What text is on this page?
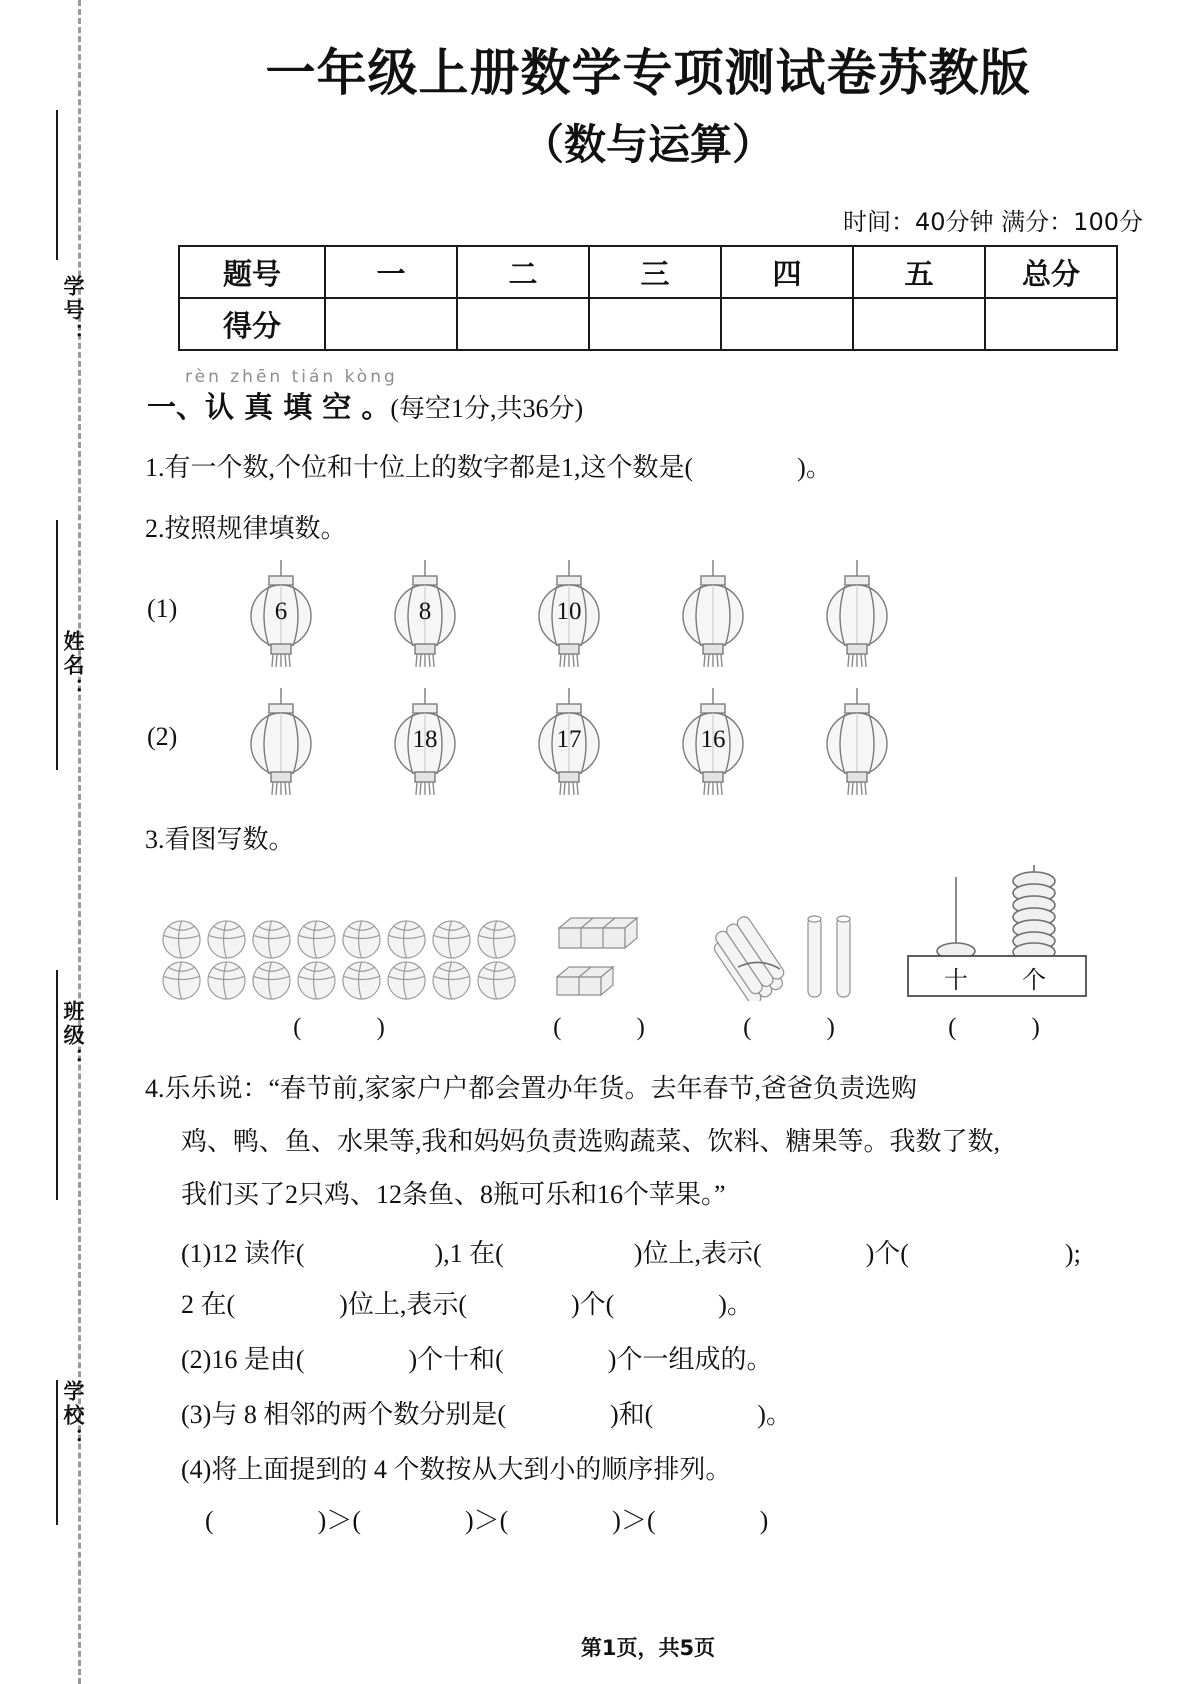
学号：
姓名：
班级：
学校：
一年级上册数学专项测试卷苏教版
（数与运算）
时间：40分钟 满分：100分
题号	一	二	三	四	五	总分
得分						
rèn zhēn tián kòng
一、认 真 填 空 。(每空1分,共36分)
1.有一个数,个位和十位上的数字都是1,这个数是(　　　　)。
2.按照规律填数。
(1)	6	8	10
(2)	18	17	16
3.看图写数。
十 个
(　　　)	(　　　)	(　　　)	(　　　)
4.乐乐说：“春节前,家家户户都会置办年货。去年春节,爸爸负责选购
鸡、鸭、鱼、水果等,我和妈妈负责选购蔬菜、饮料、糖果等。我数了数,
我们买了2只鸡、12条鱼、8瓶可乐和16个苹果。”
(1)12 读作(　　　　　),1 在(　　　　　)位上,表示(　　　　)个(　　　　　　);
2 在(　　　　)位上,表示(　　　　)个(　　　　)。
(2)16 是由(　　　　)个十和(　　　　)个一组成的。
(3)与 8 相邻的两个数分别是(　　　　)和(　　　　)。
(4)将上面提到的 4 个数按从大到小的顺序排列。
(　　　　)＞(　　　　)＞(　　　　)＞(　　　　)
第1页，共5页
